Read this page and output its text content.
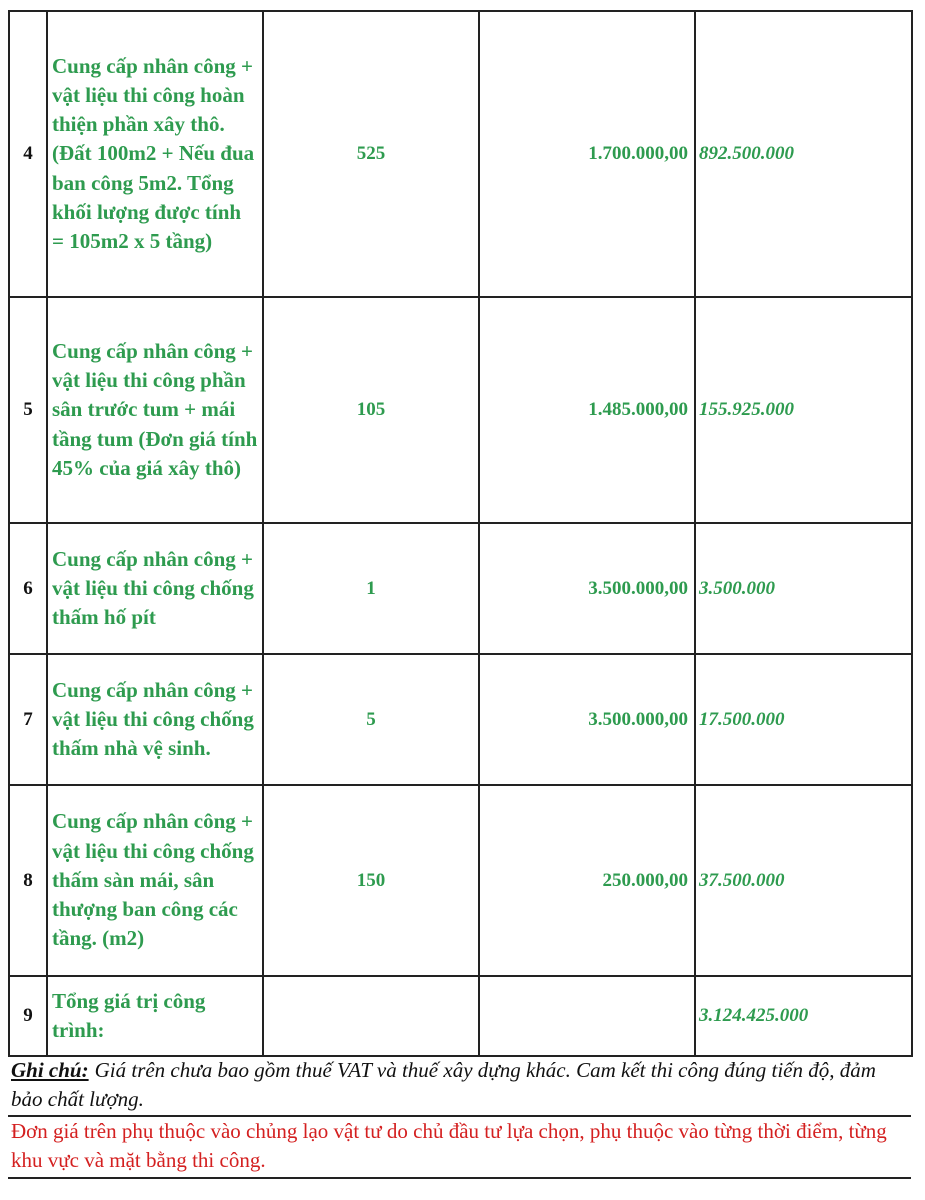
4	Cung cấp nhân công + vật liệu thi công hoàn thiện phần xây thô. (Đất 100m2 + Nếu đua ban công 5m2. Tổng khối lượng được tính = 105m2 x 5 tầng)	525	1.700.000,00	892.500.000
5	Cung cấp nhân công + vật liệu thi công phần sân trước tum + mái tầng tum (Đơn giá tính 45% của giá xây thô)	105	1.485.000,00	155.925.000
6	Cung cấp nhân công + vật liệu thi công chống thấm hố pít	1	3.500.000,00	3.500.000
7	Cung cấp nhân công + vật liệu thi công chống thấm nhà vệ sinh.	5	3.500.000,00	17.500.000
8	Cung cấp nhân công + vật liệu thi công chống thấm sàn mái, sân thượng ban công các tầng. (m2)	150	250.000,00	37.500.000
9	Tổng giá trị công trình:			3.124.425.000
Ghi chú: Giá trên chưa bao gồm thuế VAT và thuế xây dựng khác. Cam kết thi công đúng tiến độ, đảm bảo chất lượng.
Đơn giá trên phụ thuộc vào chủng lạo vật tư do chủ đầu tư lựa chọn, phụ thuộc vào từng thời điểm, từng khu vực và mặt bằng thi công.
